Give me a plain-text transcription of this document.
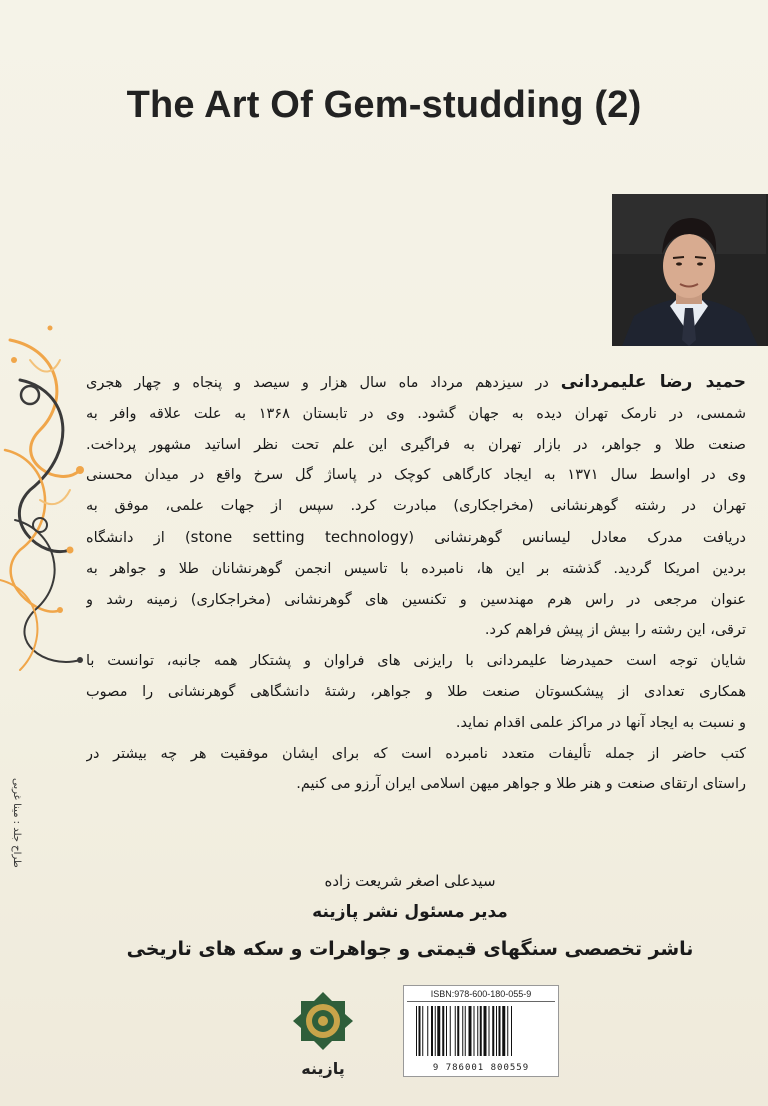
The Art Of Gem-studding (2)
طراح جلد : مینا غربی
حمید رضا علیمردانی در سیزدهم مرداد ماه سال هزار و سیصد و پنجاه و چهار هجری
شمسی، در نارمک تهران دیده به جهان گشود. وی در تابستان ۱۳۶۸ به علت علاقه وافر به
صنعت طلا و جواهر، در بازار تهران به فراگیری این علم تحت نظر اساتید مشهور پرداخت.
وی در اواسط سال ۱۳۷۱ به ایجاد کارگاهی کوچک در پاساژ گل سرخ واقع در میدان محسنی
تهران در رشته گوهرنشانی (مخراجکاری) مبادرت کرد. سپس از جهات علمی، موفق به
دریافت مدرک معادل لیسانس گوهرنشانی (stone setting technology) از دانشگاه
بردین امریکا گردید. گذشته بر این ها، نامبرده با تاسیس انجمن گوهرنشانان طلا و جواهر به
عنوان مرجعی در راس هرم مهندسین و تکنسین های گوهرنشانی (مخراجکاری) زمینه رشد و
ترقی، این رشته را بیش از پیش فراهم کرد.
شایان توجه است حمیدرضا علیمردانی با رایزنی های فراوان و پشتکار همه جانبه، توانست با
همکاری تعدادی از پیشکسوتان صنعت طلا و جواهر، رشتهٔ دانشگاهی گوهرنشانی را مصوب
و نسبت به ایجاد آنها در مراکز علمی اقدام نماید.
کتب حاضر از جمله تألیفات متعدد نامبرده است که برای ایشان موفقیت هر چه بیشتر در
راستای ارتقای صنعت و هنر طلا و جواهر میهن اسلامی ایران آرزو می کنیم.
سیدعلی اصغر شریعت زاده
مدیر مسئول نشر پازینه
ناشر تخصصی سنگهای قیمتی و جواهرات و سکه های تاریخی
پازینه
ISBN:978-600-180-055-9
9 786001 800559
